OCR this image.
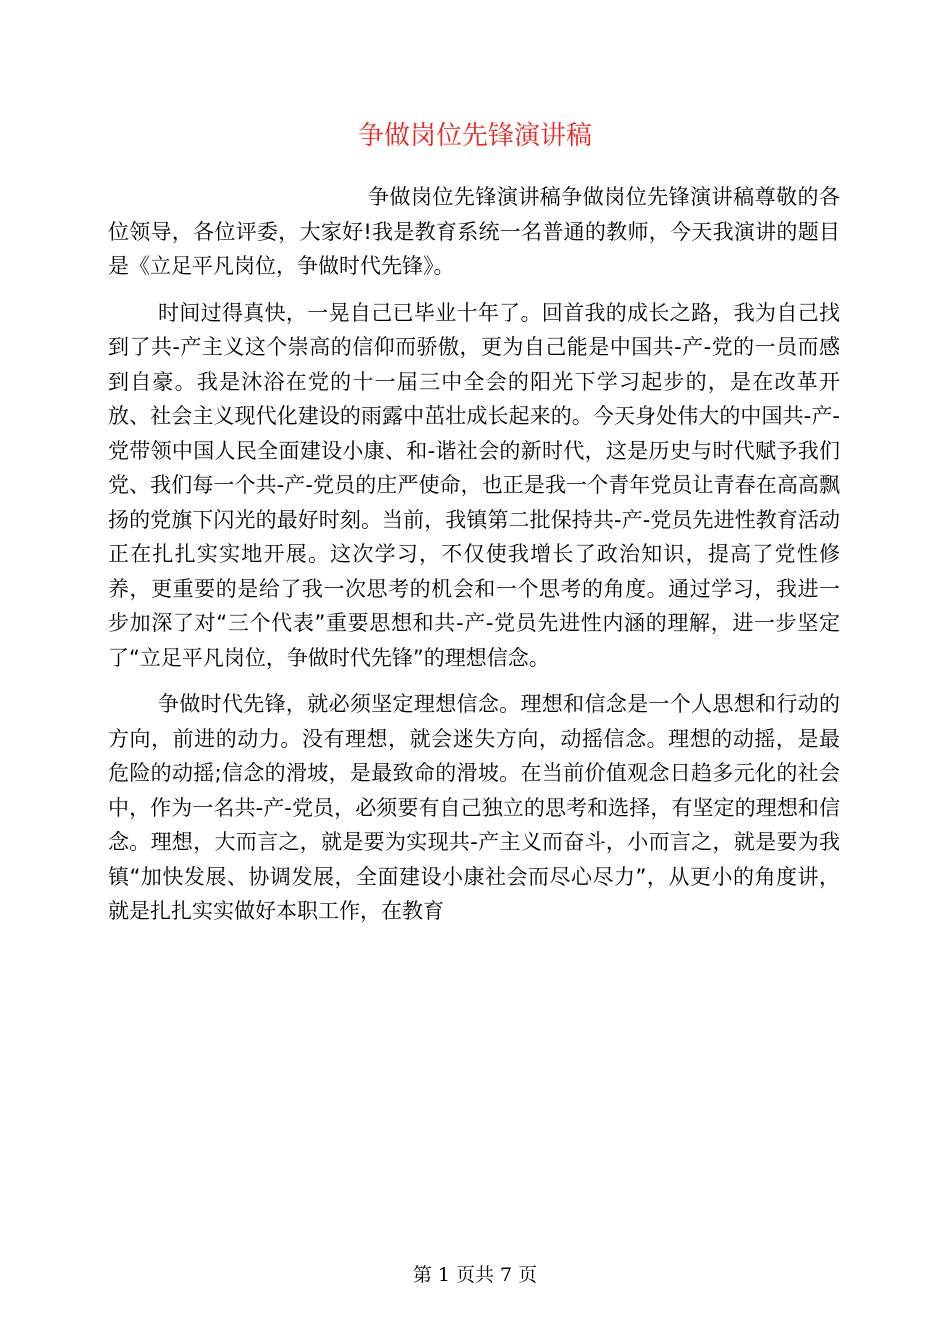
争做岗位先锋演讲稿

争做岗位先锋演讲稿争做岗位先锋演讲稿尊敬的各位领导，各位评委，大家好!我是教育系统一名普通的教师，今天我演讲的题目是《立足平凡岗位，争做时代先锋》。

时间过得真快，一晃自己已毕业十年了。回首我的成长之路，我为自己找到了共-产主义这个崇高的信仰而骄傲，更为自己能是中国共-产-党的一员而感到自豪。我是沐浴在党的十一届三中全会的阳光下学习起步的，是在改革开放、社会主义现代化建设的雨露中茁壮成长起来的。今天身处伟大的中国共-产-党带领中国人民全面建设小康、和-谐社会的新时代，这是历史与时代赋予我们党、我们每一个共-产-党员的庄严使命，也正是我一个青年党员让青春在高高飘扬的党旗下闪光的最好时刻。当前，我镇第二批保持共-产-党员先进性教育活动正在扎扎实实地开展。这次学习，不仅使我增长了政治知识，提高了党性修养，更重要的是给了我一次思考的机会和一个思考的角度。通过学习，我进一步加深了对“三个代表”重要思想和共-产-党员先进性内涵的理解，进一步坚定了“立足平凡岗位，争做时代先锋”的理想信念。

争做时代先锋，就必须坚定理想信念。理想和信念是一个人思想和行动的方向，前进的动力。没有理想，就会迷失方向，动摇信念。理想的动摇，是最危险的动摇;信念的滑坡，是最致命的滑坡。在当前价值观念日趋多元化的社会中，作为一名共-产-党员，必须要有自己独立的思考和选择，有坚定的理想和信念。理想，大而言之，就是要为实现共-产主义而奋斗，小而言之，就是要为我镇“加快发展、协调发展，全面建设小康社会而尽心尽力”，从更小的角度讲，就是扎扎实实做好本职工作，在教育

第 1 页共 7 页
